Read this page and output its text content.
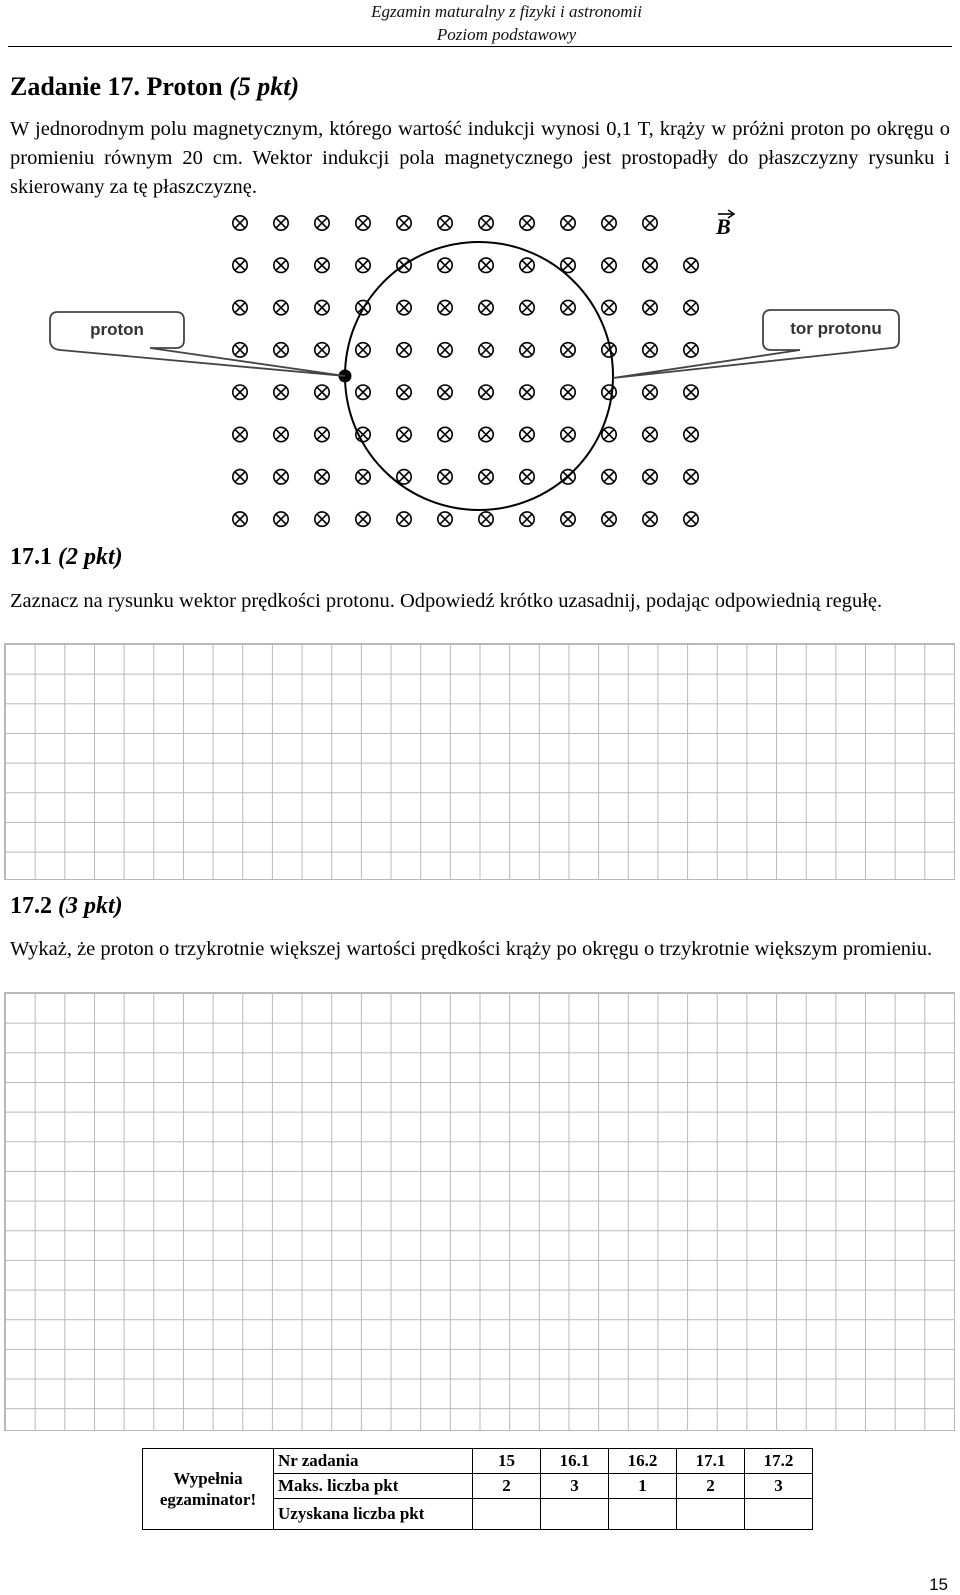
Egzamin maturalny z fizyki i astronomii
Poziom podstawowy
Zadanie 17. Proton (5 pkt)
W jednorodnym polu magnetycznym, którego wartość indukcji wynosi 0,1 T, krąży w próżni proton po okręgu o promieniu równym 20 cm. Wektor indukcji pola magnetycznego jest prostopadły do płaszczyzny rysunku i skierowany za tę płaszczyznę.
proton	tor protonu
B
17.1 (2 pkt)
Zaznacz na rysunku wektor prędkości protonu. Odpowiedź krótko uzasadnij, podając odpowiednią regułę.
17.2 (3 pkt)
Wykaż, że proton o trzykrotnie większej wartości prędkości krąży po okręgu o trzykrotnie większym promieniu.
Wypełnia egzaminator!	Nr zadania	15	16.1	16.2	17.1	17.2
	Maks. liczba pkt	2	3	1	2	3
	Uzyskana liczba pkt					
15
